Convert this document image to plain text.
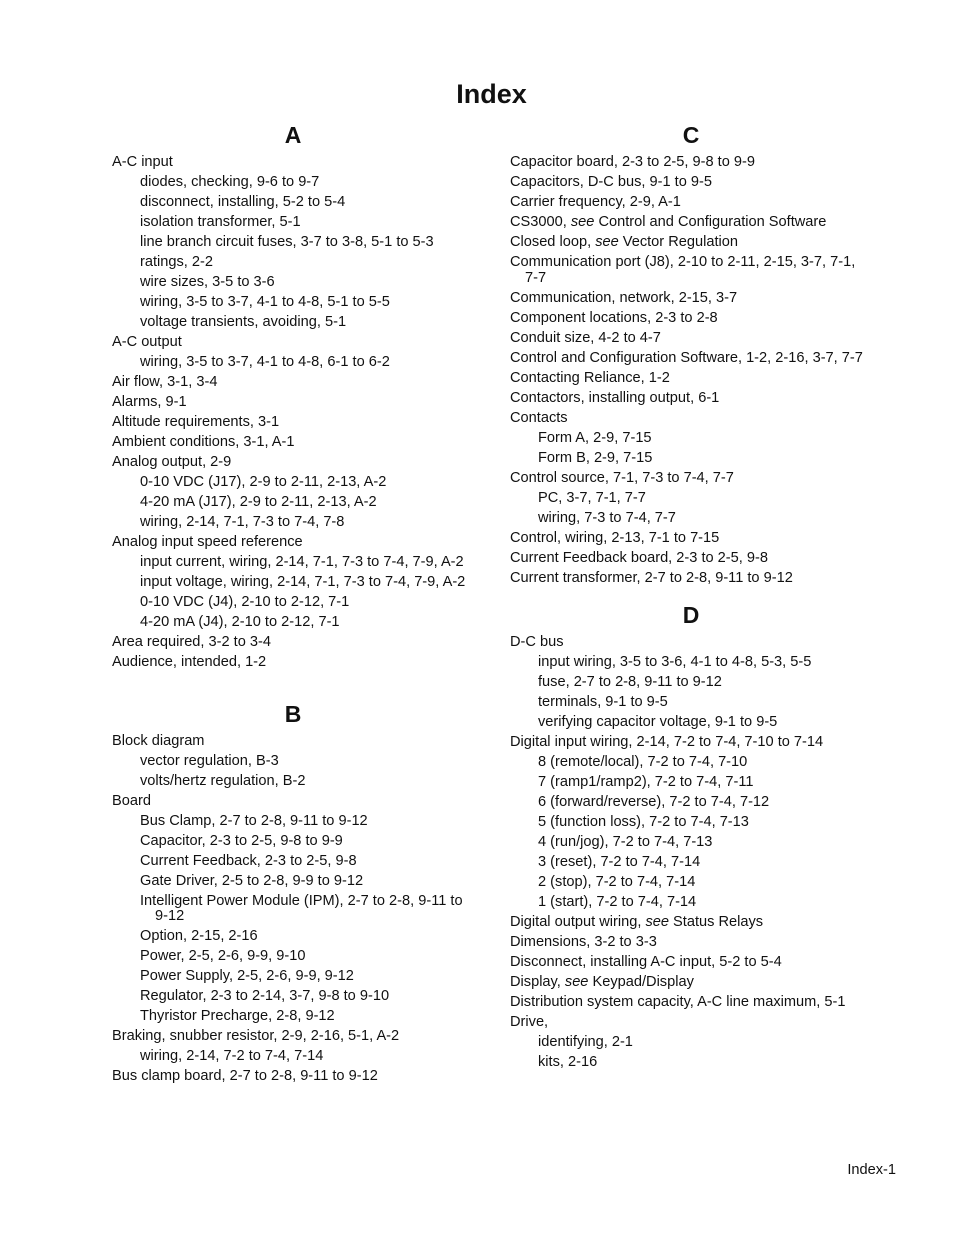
Index
A
A-C input
diodes, checking, 9-6 to 9-7
disconnect, installing, 5-2 to 5-4
isolation transformer, 5-1
line branch circuit fuses, 3-7 to 3-8, 5-1 to 5-3
ratings, 2-2
wire sizes, 3-5 to 3-6
wiring, 3-5 to 3-7, 4-1 to 4-8, 5-1 to 5-5
voltage transients, avoiding, 5-1
A-C output
wiring, 3-5 to 3-7, 4-1 to 4-8, 6-1 to 6-2
Air flow, 3-1, 3-4
Alarms, 9-1
Altitude requirements, 3-1
Ambient conditions, 3-1, A-1
Analog output, 2-9
0-10 VDC (J17), 2-9 to 2-11, 2-13, A-2
4-20 mA (J17), 2-9 to 2-11, 2-13, A-2
wiring, 2-14, 7-1, 7-3 to 7-4, 7-8
Analog input speed reference
input current, wiring, 2-14, 7-1, 7-3 to 7-4, 7-9, A-2
input voltage, wiring, 2-14, 7-1, 7-3 to 7-4, 7-9, A-2
0-10 VDC (J4), 2-10 to 2-12, 7-1
4-20 mA (J4), 2-10 to 2-12, 7-1
Area required, 3-2 to 3-4
Audience, intended, 1-2
B
Block diagram
vector regulation, B-3
volts/hertz regulation, B-2
Board
Bus Clamp, 2-7 to 2-8, 9-11 to 9-12
Capacitor, 2-3 to 2-5, 9-8 to 9-9
Current Feedback, 2-3 to 2-5, 9-8
Gate Driver, 2-5 to 2-8, 9-9 to 9-12
Intelligent Power Module (IPM), 2-7 to 2-8, 9-11 to 9-12
Option, 2-15, 2-16
Power, 2-5, 2-6, 9-9, 9-10
Power Supply, 2-5, 2-6, 9-9, 9-12
Regulator, 2-3 to 2-14, 3-7, 9-8 to 9-10
Thyristor Precharge, 2-8, 9-12
Braking, snubber resistor, 2-9, 2-16, 5-1, A-2
wiring, 2-14, 7-2 to 7-4, 7-14
Bus clamp board, 2-7 to 2-8, 9-11 to 9-12
C
Capacitor board, 2-3 to 2-5, 9-8 to 9-9
Capacitors, D-C bus, 9-1 to 9-5
Carrier frequency, 2-9, A-1
CS3000, see Control and Configuration Software
Closed loop, see Vector Regulation
Communication port (J8), 2-10 to 2-11, 2-15, 3-7, 7-1, 7-7
Communication, network, 2-15, 3-7
Component locations, 2-3 to 2-8
Conduit size, 4-2 to 4-7
Control and Configuration Software, 1-2, 2-16, 3-7, 7-7
Contacting Reliance, 1-2
Contactors, installing output, 6-1
Contacts
Form A, 2-9, 7-15
Form B, 2-9, 7-15
Control source, 7-1, 7-3 to 7-4, 7-7
PC, 3-7, 7-1, 7-7
wiring, 7-3 to 7-4, 7-7
Control, wiring, 2-13, 7-1 to 7-15
Current Feedback board, 2-3 to 2-5, 9-8
Current transformer, 2-7 to 2-8, 9-11 to 9-12
D
D-C bus
input wiring, 3-5 to 3-6, 4-1 to 4-8, 5-3, 5-5
fuse, 2-7 to 2-8, 9-11 to 9-12
terminals, 9-1 to 9-5
verifying capacitor voltage, 9-1 to 9-5
Digital input wiring, 2-14, 7-2 to 7-4, 7-10 to 7-14
8 (remote/local), 7-2 to 7-4, 7-10
7 (ramp1/ramp2), 7-2 to 7-4, 7-11
6 (forward/reverse), 7-2 to 7-4, 7-12
5 (function loss), 7-2 to 7-4, 7-13
4 (run/jog), 7-2 to 7-4, 7-13
3 (reset), 7-2 to 7-4, 7-14
2 (stop), 7-2 to 7-4, 7-14
1 (start), 7-2 to 7-4, 7-14
Digital output wiring, see Status Relays
Dimensions, 3-2 to 3-3
Disconnect, installing A-C input, 5-2 to 5-4
Display, see Keypad/Display
Distribution system capacity, A-C line maximum, 5-1
Drive,
identifying, 2-1
kits, 2-16
Index-1
